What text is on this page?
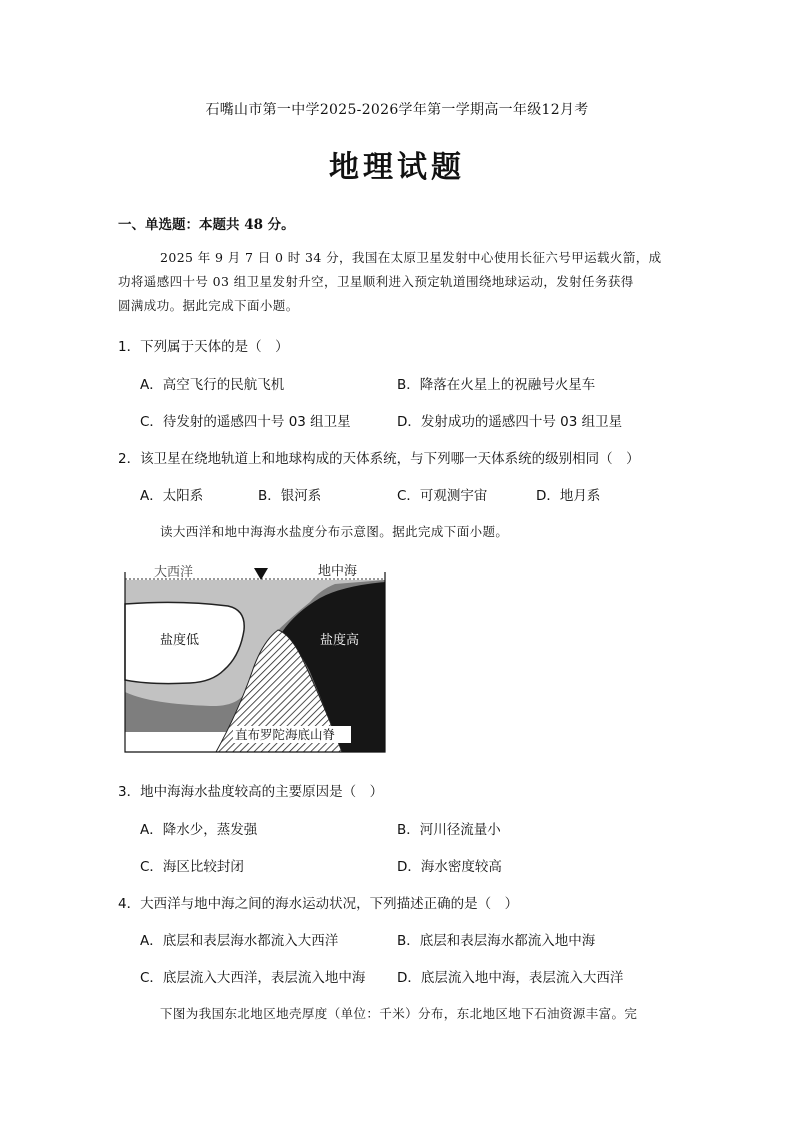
石嘴山市第一中学2025-2026学年第一学期高一年级12月考
地理试题
一、单选题：本题共 48 分。
2025 年 9 月 7 日 0 时 34 分，我国在太原卫星发射中心使用长征六号甲运载火箭，成
功将遥感四十号 03 组卫星发射升空，卫星顺利进入预定轨道围绕地球运动，发射任务获得
圆满成功。据此完成下面小题。
1．下列属于天体的是（　）
A．高空飞行的民航飞机	B．降落在火星上的祝融号火星车
C．待发射的遥感四十号 03 组卫星	D．发射成功的遥感四十号 03 组卫星
2．该卫星在绕地轨道上和地球构成的天体系统，与下列哪一天体系统的级别相同（　）
A．太阳系	B．银河系	C．可观测宇宙	D．地月系
读大西洋和地中海海水盐度分布示意图。据此完成下面小题。
大西洋	地中海
盐度低	盐度高
直布罗陀海底山脊
3．地中海海水盐度较高的主要原因是（　）
A．降水少，蒸发强	B．河川径流量小
C．海区比较封闭	D．海水密度较高
4．大西洋与地中海之间的海水运动状况，下列描述正确的是（　）
A．底层和表层海水都流入大西洋	B．底层和表层海水都流入地中海
C．底层流入大西洋，表层流入地中海 D．底层流入地中海，表层流入大西洋
下图为我国东北地区地壳厚度（单位：千米）分布，东北地区地下石油资源丰富。完
